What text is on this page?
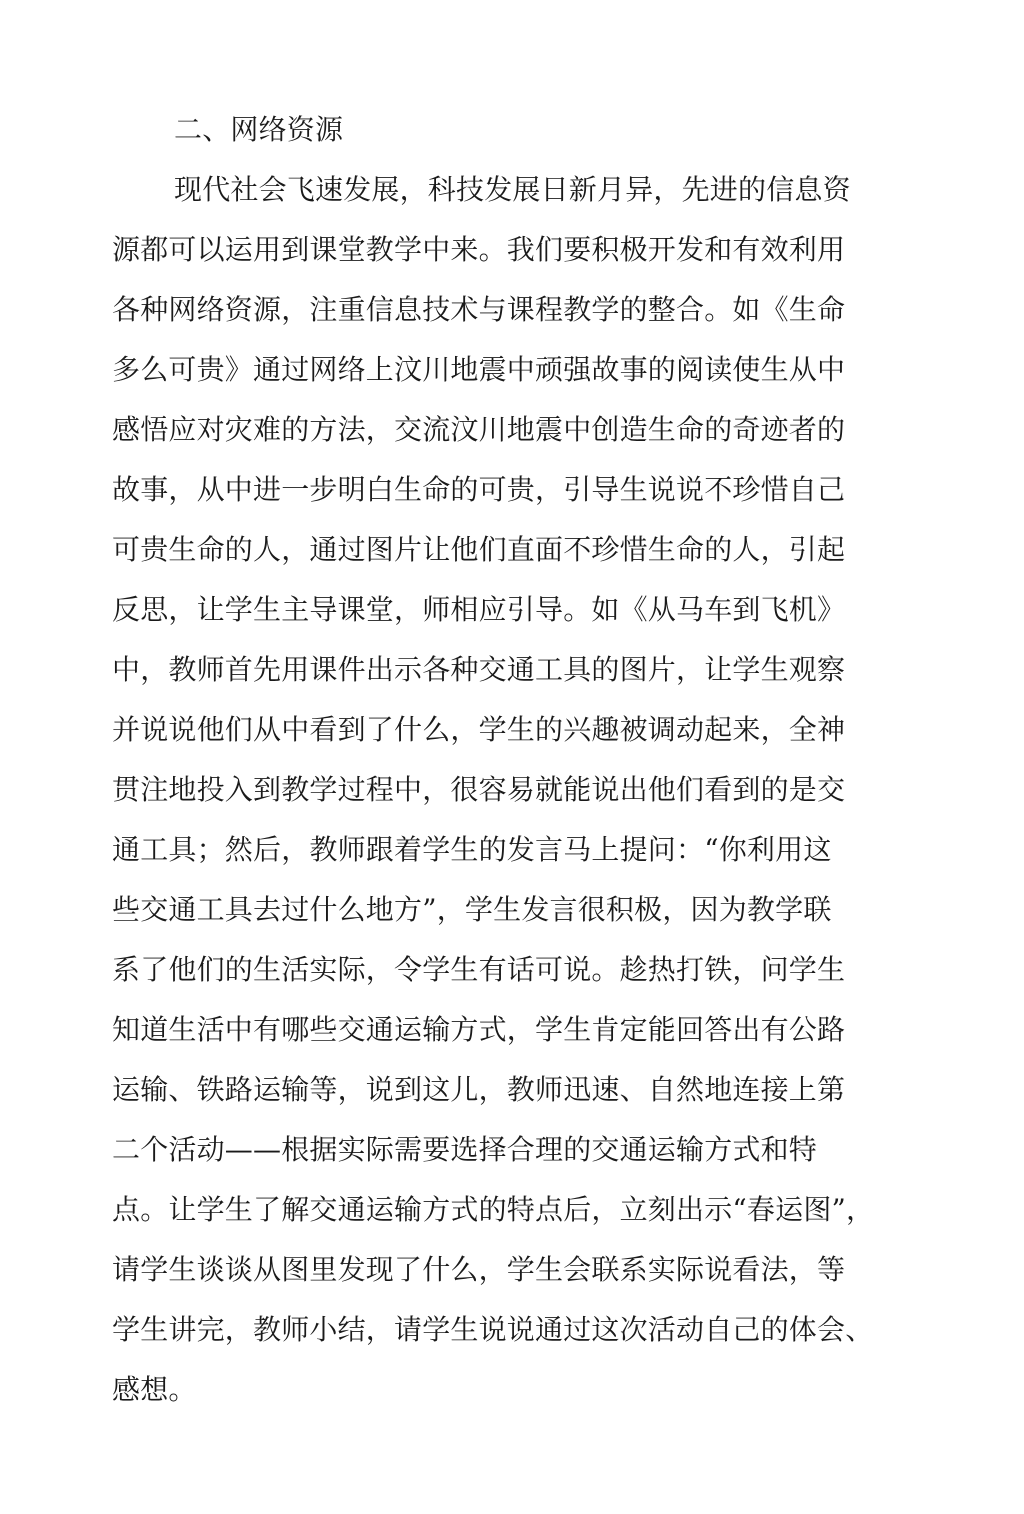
二、网络资源
现代社会飞速发展，科技发展日新月异，先进的信息资
源都可以运用到课堂教学中来。我们要积极开发和有效利用
各种网络资源，注重信息技术与课程教学的整合。如《生命
多么可贵》通过网络上汶川地震中顽强故事的阅读使生从中
感悟应对灾难的方法，交流汶川地震中创造生命的奇迹者的
故事，从中进一步明白生命的可贵，引导生说说不珍惜自己
可贵生命的人，通过图片让他们直面不珍惜生命的人，引起
反思，让学生主导课堂，师相应引导。如《从马车到飞机》
中，教师首先用课件出示各种交通工具的图片，让学生观察
并说说他们从中看到了什么，学生的兴趣被调动起来，全神
贯注地投入到教学过程中，很容易就能说出他们看到的是交
通工具；然后，教师跟着学生的发言马上提问：“你利用这
些交通工具去过什么地方”，学生发言很积极，因为教学联
系了他们的生活实际，令学生有话可说。趁热打铁，问学生
知道生活中有哪些交通运输方式，学生肯定能回答出有公路
运输、铁路运输等，说到这儿，教师迅速、自然地连接上第
二个活动——根据实际需要选择合理的交通运输方式和特
点。让学生了解交通运输方式的特点后，立刻出示“春运图”，
请学生谈谈从图里发现了什么，学生会联系实际说看法，等
学生讲完，教师小结，请学生说说通过这次活动自己的体会、
感想。
